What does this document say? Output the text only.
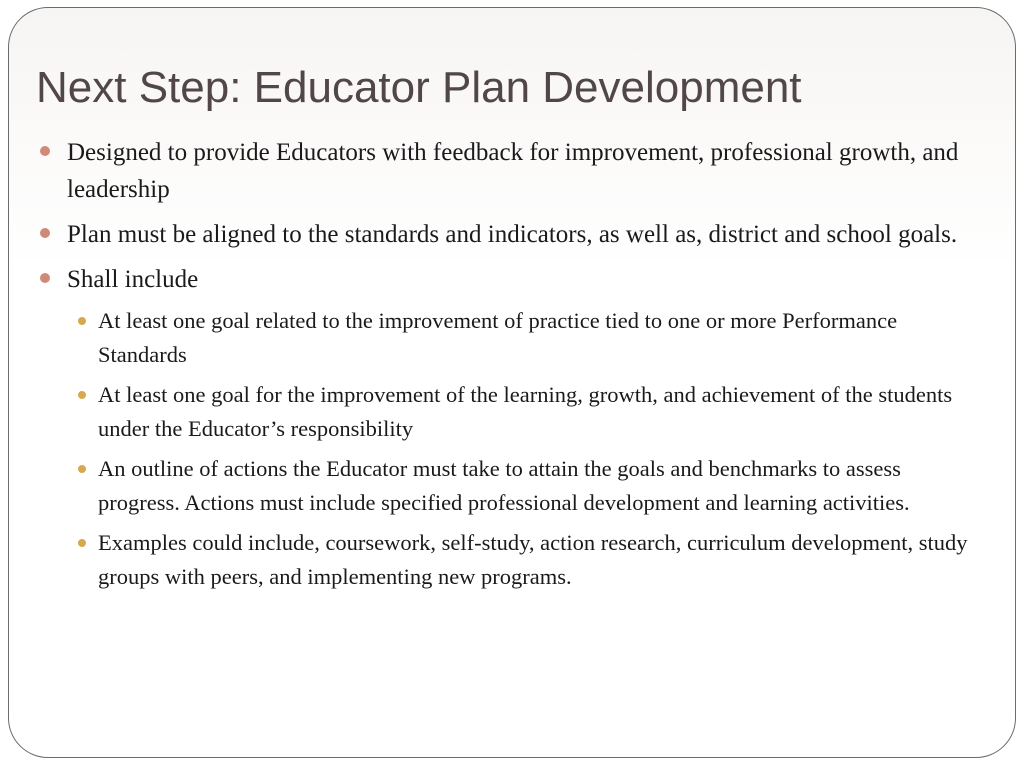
Next Step: Educator Plan Development
Designed to provide Educators with feedback for improvement, professional growth, and leadership
Plan must be aligned to the standards and indicators, as well as, district and school goals.
Shall include
At least one goal related to the improvement of practice tied to one or more Performance Standards
At least one goal for the improvement of the learning, growth, and achievement of the students under the Educator’s responsibility
An outline of actions the Educator must take to attain the goals and benchmarks to assess progress. Actions must include specified professional development and learning activities.
Examples could include, coursework, self-study, action research, curriculum development, study groups with peers, and implementing new programs.
